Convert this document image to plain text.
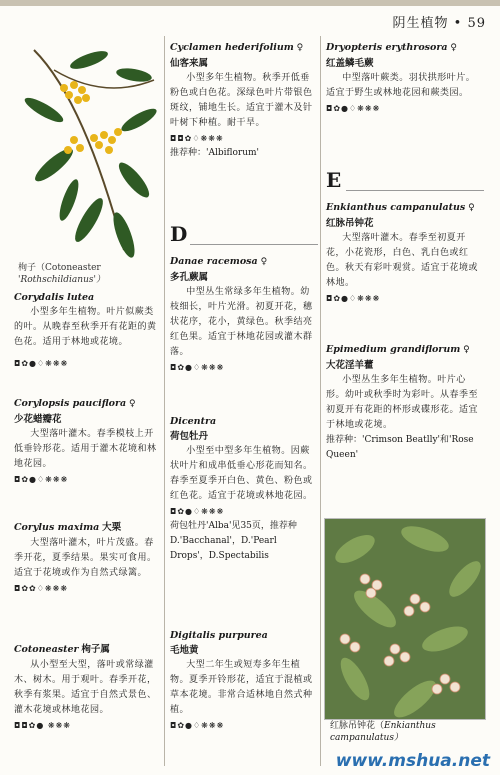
阴生植物 • 59
栒子（Cotoneaster
'Rothschildianus'）
Corydalis lutea

小型多年生植物。叶片似蕨类的叶。从晚春至秋季开有花距的黄色花。适用于林地或花境。

◘✿●♢❋❋❋
Corylopsis pauciflora ♀
少花蜡瓣花

大型落叶灌木。春季模枝上开低垂铃形花。适用于灌木花境和林地花园。

◘✿●♢❋❋❋
Corylus maxima 大栗

大型落叶灌木，叶片茂盛。春季开花，夏季结果。果实可食用。适宜于花境或作为自然式绿篱。

◘✿✿♢❋❋❋
Cotoneaster 栒子属

从小型至大型，落叶或常绿灌木、树木。用于观叶。春季开花，秋季有浆果。适宜于自然式景色、灌木花境或林地花园。

◘◘✿● ❋❋❋
Cyclamen hederifolium ♀
仙客来属

小型多年生植物。秋季开低垂粉色或白色花。深绿色叶片带银色斑纹，铺地生长。适宜于灌木及针叶树下种植。耐干旱。

◘◘✿♢❋❋❋

推荐种：'Albiflorum'

D
Danae racemosa ♀
多孔蕨属

中型丛生常绿多年生植物。幼枝细长，叶片光滑。初夏开花，穗状花序，花小，黄绿色。秋季结亮红色果。适宜于林地花园或灌木群落。

◘✿●♢❋❋❋
Dicentra
荷包牡丹

小型至中型多年生植物。因蕨状叶片和成串低垂心形花而知名。春季至夏季开白色、黄色、粉色或红色花。适宜于花境或林地花园。

◘✿●♢❋❋❋

荷包牡丹'Alba'见35页，推荐种D.'Bacchanal'，D.'Pearl Drops'，D.Spectabilis

Digitalis purpurea
毛地黄

大型二年生或短寿多年生植物。夏季开铃形花，适宜于混植或草本花境。非常合适林地自然式种植。

◘✿●♢❋❋❋
Dryopteris erythrosora ♀
红盖鳞毛蕨

中型落叶蕨类。羽状拱形叶片。适宜于野生或林地花园和蕨类园。

◘✿●♢❋❋❋
E
Enkianthus campanulatus ♀
红脉吊钟花

大型落叶灌木。春季至初夏开花，小花瓷形，白色、乳白色或红色。秋天有彩叶观赏。适宜于花境或林地。

◘✿●♢❋❋❋
Epimedium grandiflorum ♀
大花淫羊藿

小型丛生多年生植物。叶片心形。幼叶或秋季时为彩叶。从春季至初夏开有花距的杯形或碟形花。适宜于林地或花境。

推荐种：'Crimson Beatlly'和'Rose Queen'

红脉吊钟花（Enkianthus campanulatus）
www.mshua.net
